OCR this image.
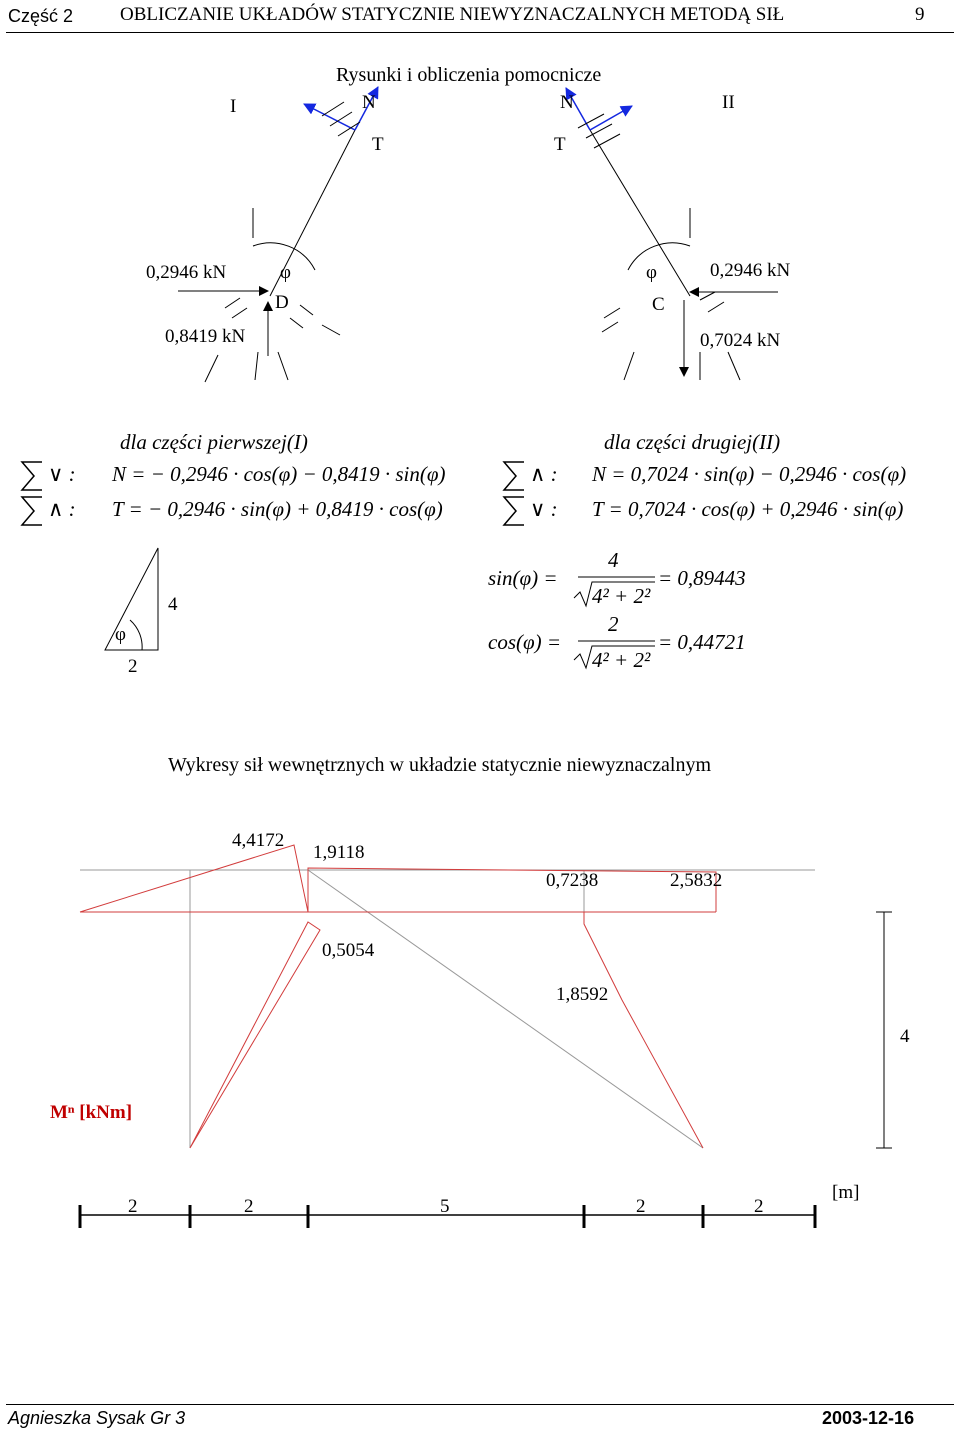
Część 2 OBLICZANIE UKŁADÓW STATYCZNIE NIEWYZNACZALNYCH METODĄ SIŁ	9
Rysunki i obliczenia pomocnicze
I	II
N	N
T	T
0,2946 kN	φ
D
0,8419 kN
φ	0,2946 kN
C
0,7024 kN
dla części pierwszej(I)	dla części drugiej(II)
∨ : N = − 0,2946 · cos(φ) − 0,8419 · sin(φ)
∧ : T = − 0,2946 · sin(φ) + 0,8419 · cos(φ)
∧ : N = 0,7024 · sin(φ) − 0,2946 · cos(φ)
∨ : T = 0,7024 · cos(φ) + 0,2946 · sin(φ)
4
2
φ
sin(φ) =
4
4² + 2²
= 0,89443
cos(φ) =
2
4² + 2²
= 0,44721
Wykresy sił wewnętrznych w układzie statycznie niewyznaczalnym
4,4172
1,9118
0,7238	2,5832
0,5054
1,8592
4
Mⁿ [kNm]
2	2	5	2	2
[m]
Agnieszka Sysak Gr 3	2003-12-16
